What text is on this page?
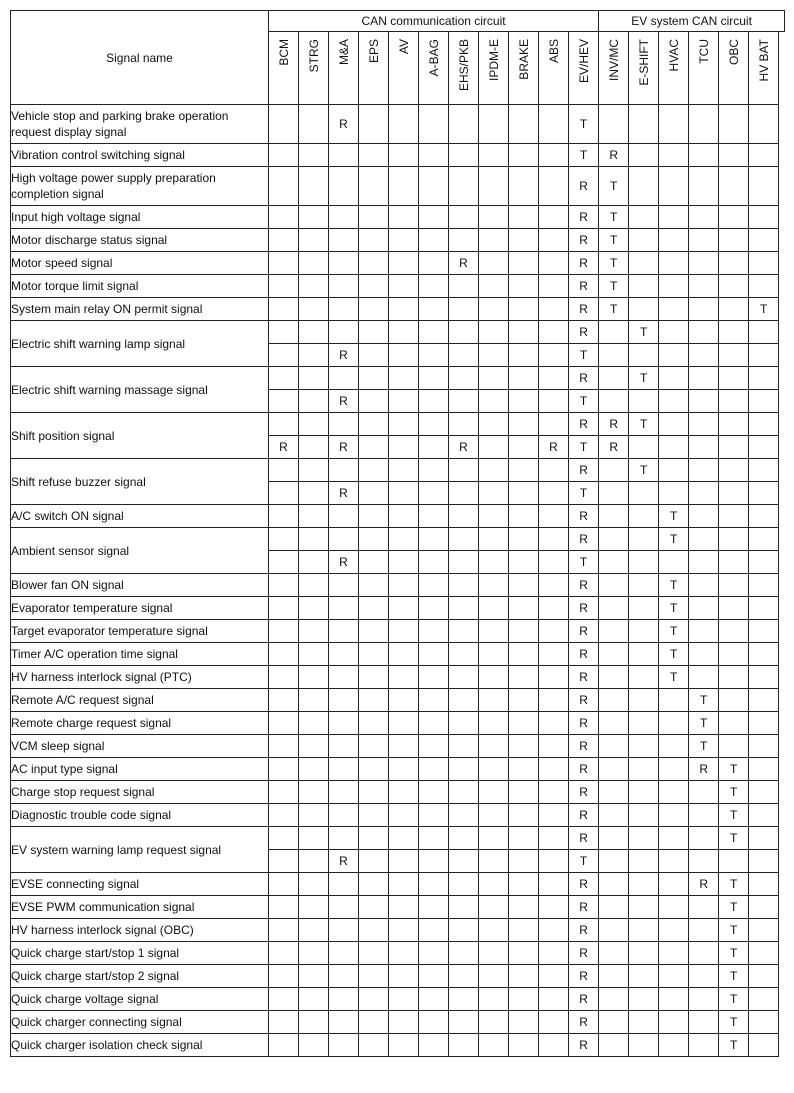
Signal name	CAN communication circuit											EV system CAN circuit					

	BCM	STRG	M&A	EPS	AV	A-BAG	EHS/PKB	IPDM-E	BRAKE	ABS	EV/HEV	INV/MC	E-SHIFT	HVAC	TCU	OBC	HV BAT

Vehicle stop and parking brake operation request display signal			R								T						
Vibration control switching signal											T	R					
High voltage power supply preparation completion signal											R	T					
Input high voltage signal											R	T					
Motor discharge status signal											R	T					
Motor speed signal							R				R	T					
Motor torque limit signal											R	T					
System main relay ON permit signal											R	T					T
Electric shift warning lamp signal											R		T				
			R								T						
Electric shift warning massage signal											R		T				
			R								T						
Shift position signal											R	R	T				
	R		R				R			R	T	R					
Shift refuse buzzer signal											R		T				
			R								T						
A/C switch ON signal											R			T			
Ambient sensor signal											R			T			
			R								T						
Blower fan ON signal											R			T			
Evaporator temperature signal											R			T			
Target evaporator temperature signal											R			T			
Timer A/C operation time signal											R			T			
HV harness interlock signal (PTC)											R			T			
Remote A/C request signal											R				T		
Remote charge request signal											R				T		
VCM sleep signal											R				T		
AC input type signal											R				R	T	
Charge stop request signal											R					T	
Diagnostic trouble code signal											R					T	
EV system warning lamp request signal											R					T	
			R								T						
EVSE connecting signal											R				R	T	
EVSE PWM communication signal											R					T	
HV harness interlock signal (OBC)											R					T	
Quick charge start/stop 1 signal											R					T	
Quick charge start/stop 2 signal											R					T	
Quick charge voltage signal											R					T	
Quick charger connecting signal											R					T	
Quick charger isolation check signal											R					T	
